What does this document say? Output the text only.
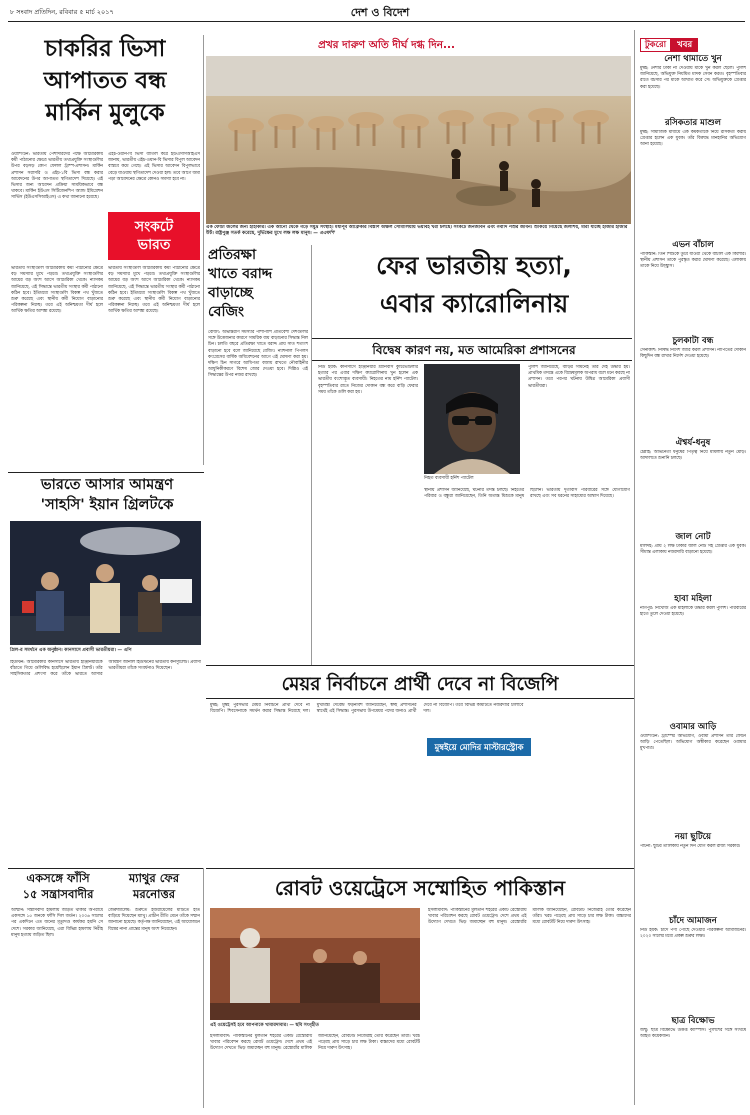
৮ সংবাদ প্রতিদিন, রবিবার ৫ মার্চ ২০১৭	দেশ ও বিদেশ
চাকরির ভিসা
আপাতত বন্ধ
মার্কিন মুলুকে
ওয়াশিংটন: ভারতীয় পেশাদারদের পক্ষে আমেরিকায় কর্মী পাঠানোর ক্ষেত্রে ভারতীয় তথ্যপ্রযুক্তি সংস্থাগুলির উপর বড়সড় কোপ ফেলল ট্রাম্প-প্রশাসন। মার্কিন প্রশাসন সরাসরি ও এইচ-১বি ভিসা বন্ধ করার আবেদনের উপর আপাতত স্থগিতাদেশ দিয়েছে। এই ভিসার জন্য আবেদন প্রক্রিয়া সাময়িকভাবে বন্ধ থাকবে। মার্কিন ইউএস সিটিজেনশিপ অ্যান্ড ইমিগ্রেশন সার্ভিস (ইউএসসিআইএস) এ কথা জানানো হয়েছে।
এইচ-ওয়ান-বি ভিসা বাতিল করে ইউএসসিআইএস জানায়, ভারতীয় এইচ-ওয়ান-বি ভিসার বিপুল আবেদন বাস্তবে কমে গেছে। এই ভিসার আবেদন বিপুলভাবে বেড়ে যাওয়ায় স্থগিতাদেশ দেওয়া হল। তবে আগে জমা পড়া আবেদনের ক্ষেত্রে কোনও সমস্যা হবে না।
সংকটে
ভারত
ভারতীয় সংস্থাগুলি আমেরিকায় কর্মী পাঠানোর ক্ষেত্রে বড় সমস্যার মুখে পড়বে। তথ্যপ্রযুক্তি সংস্থাগুলির আয়ের বড় অংশ আসে আমেরিকা থেকে। ন্যাসকম জানিয়েছে, এই সিদ্ধান্তে ভারতীয় সংস্থার কর্মী পাঠানো কঠিন হবে। ইতিমধ্যে সংস্থাগুলি বিকল্প পথ খুঁজতে শুরু করেছে এবং স্থানীয় কর্মী নিয়োগ বাড়ানোর পরিকল্পনা নিচ্ছে। তবে এই অনিশ্চয়তা দীর্ঘ হলে আর্থিক ক্ষতির আশঙ্কা রয়েছে।
ভারতীয় সংস্থাগুলি আমেরিকায় কর্মী পাঠানোর ক্ষেত্রে বড় সমস্যার মুখে পড়বে। তথ্যপ্রযুক্তি সংস্থাগুলির আয়ের বড় অংশ আসে আমেরিকা থেকে। ন্যাসকম জানিয়েছে, এই সিদ্ধান্তে ভারতীয় সংস্থার কর্মী পাঠানো কঠিন হবে। ইতিমধ্যে সংস্থাগুলি বিকল্প পথ খুঁজতে শুরু করেছে এবং স্থানীয় কর্মী নিয়োগ বাড়ানোর পরিকল্পনা নিচ্ছে। তবে এই অনিশ্চয়তা দীর্ঘ হলে আর্থিক ক্ষতির আশঙ্কা রয়েছে।
প্রখর দারুণ অতি দীর্ঘ দগ্ধ দিন...
এক ফোঁটা জলের জন্য হাহাকার। এক আনো থেকে গড়ে সমুদ্র সংস্থাই। মধ্যপূর্ব আফ্রিকার বিস্তীর্ণ অঞ্চল সোমালিয়ায় ভয়াবহ খরা চলছে। সংকটে জনজীবন এবং গবাদি পশুর জীবন। শুকিয়ে গিয়েছে জলাশয়, মারা যাচ্ছে হাজার হাজার উট। রাষ্ট্রপুঞ্জ সতর্ক করেছে, দুর্ভিক্ষের মুখে লক্ষ লক্ষ মানুষ। — এএফপি
প্রতিরক্ষা
খাতে বরাদ্দ
বাড়াচ্ছে
বেজিং
বেজিং: অভ্যন্তরীণ সমস্যার পাশাপাশি প্রতিবেশী দেশগুলির সঙ্গে উত্তেজনার কারণে সামরিক ব্যয় বাড়ানোর সিদ্ধান্ত নিল চিন। চলতি বছরে প্রতিরক্ষা খাতে বরাদ্দ প্রায় সাত শতাংশ বাড়ানো হবে বলে জানিয়েছে বেজিং। ন্যাশনাল পিপলস কংগ্রেসের বার্ষিক অধিবেশনের আগে এই ঘোষণা করা হয়। দক্ষিণ চিন সাগরে আধিপত্য বজায় রাখতে নৌবাহিনীর আধুনিকীকরণে বিশেষ জোর দেওয়া হবে। দিল্লিও এই সিদ্ধান্তের উপর নজর রাখছে।
ফের ভারতীয় হত্যা,
এবার ক্যারোলিনায়
বিদ্বেষ কারণ নয়, মত আমেরিকা প্রশাসনের
নিউ ইয়র্ক: কানসাসে ইঞ্জিনিয়ার শ্রীনিবাস কুচিভোটলার হত্যার পর এবার দক্ষিণ ক্যারোলিনায় খুন হলেন এক ভারতীয় বংশোদ্ভূত ব্যবসায়ী। নিহতের নাম হর্নিশ প্যাটেল। বৃহস্পতিবার রাতে নিজের দোকান বন্ধ করে বাড়ি ফেরার সময় তাঁকে গুলি করা হয়।
নিহত ব্যবসায়ী হর্নিশ প্যাটেল
পুলিশ জানিয়েছে, বাড়ির সামনেই তাঁর দেহ উদ্ধার হয়। প্রাথমিক তদন্তে একে বিদ্বেষমূলক অপরাধ বলে মনে করছে না প্রশাসন। তবে পরপর ঘটনায় উদ্বিগ্ন আমেরিকা প্রবাসী ভারতীয়রা।
স্থানীয় প্রশাসন জানিয়েছে, ঘটনার তদন্ত চলছে। নিহতের পরিবার ও বন্ধুরা জানিয়েছেন, তিনি অত্যন্ত মিশুকে মানুষ ছিলেন। ভারতীয় দূতাবাস পরিবারের সঙ্গে যোগাযোগ রাখছে এবং সব ধরনের সাহায্যের আশ্বাস দিয়েছে।
ভারতে আসার আমন্ত্রণ
'সাহসি' ইয়ান গ্রিলটকে
গ্রিল-র সমর্থনে এক অনুষ্ঠান। কানসাসে প্রবাসী ভারতীয়রা। — এপি
হিউস্টন: আমেরিকার কানসাসে ভারতীয় ইঞ্জিনিয়ারকে বাঁচাতে গিয়ে গুলিবিদ্ধ হয়েছিলেন ইয়ান গ্রিলট। তাঁর সাহসিকতার প্রশংসা করে তাঁকে ভারতে আসার আমন্ত্রণ জানাল হিউস্টনের ভারতীয় কনস্যুলেট। প্রবাসী ভারতীয়রা তাঁকে সংবর্ধনাও দিয়েছেন।
মেয়র নির্বাচনে প্রার্থী দেবে না বিজেপি
মুম্বই: মুম্বই পুরসভার মেয়র নির্বাচনে প্রার্থী দেবে না বিজেপি। শিবসেনাকে সমর্থন করার সিদ্ধান্ত নিয়েছে দল। মুখ্যমন্ত্রী দেবেন্দ্র ফড়নবিশ জানিয়েছেন, স্বচ্ছ প্রশাসনের স্বার্থেই এই সিদ্ধান্ত। পুরসভায় উপমেয়র পদের জন্যও প্রার্থী দেবে না বিজেপি। তবে বিভিন্ন কমিটিতে নজরদারি চালাবে দল।
মুম্বইয়ে মোদির মাস্টারস্ট্রোক
একসঙ্গে ফাঁসি
১৫ সন্ত্রাসবাদীর
আম্মান: সন্ত্রাসবাদী হামলায় জড়িত থাকার অপরাধে একসঙ্গে ১৫ জনকে ফাঁসি দিল জর্ডন। ২০০৬ সালের পর একদিনে এত জনের মৃত্যুদণ্ড কার্যকর হয়নি সে দেশে। সরকার জানিয়েছে, এরা বিভিন্ন হামলায় নিরীহ মানুষ হত্যায় জড়িত ছিল।
ম্যাথুর ফের
মরনোত্তর
জেরুজালেম: শুরুতে ইজরায়েলের মাটিতে হাত বাড়িয়ে দিয়েছেন ম্যাথু। প্রাচীন রীতি মেনে তাঁকে সম্মান জানানো হয়েছে। কর্তৃপক্ষ জানিয়েছেন, এই আয়োজনে বিশ্বের নানা প্রান্তের মানুষ অংশ নিয়েছেন।
রোবট ওয়েট্রেসে সম্মোহিত পাকিস্তান
এই ওয়েট্রেসই হবে আপনাকে খাবারদাবার। — ছবি সংগৃহীত
ইসলামাবাদ: পাকিস্তানের মুলতান শহরের একটি রেস্তোরাঁয় খাবার পরিবেশন করছে রোবট ওয়েট্রেস। দেশে প্রথম এই উদ্যোগ দেখতে ভিড় জমাচ্ছেন বহু মানুষ। রেস্তোরাঁর মালিক জানিয়েছেন, রোবটটি নিজেরাই তৈরি করেছেন তাঁরা। খরচ পড়েছে প্রায় সাড়ে চার লক্ষ টাকা। বাচ্চাদের মধ্যে রোবটটি নিয়ে দারুণ উৎসাহ।
ইসলামাবাদ: পাকিস্তানের মুলতান শহরের একটি রেস্তোরাঁয় খাবার পরিবেশন করছে রোবট ওয়েট্রেস। দেশে প্রথম এই উদ্যোগ দেখতে ভিড় জমাচ্ছেন বহু মানুষ। রেস্তোরাঁর মালিক জানিয়েছেন, রোবটটি নিজেরাই তৈরি করেছেন তাঁরা। খরচ পড়েছে প্রায় সাড়ে চার লক্ষ টাকা। বাচ্চাদের মধ্যে রোবটটি নিয়ে দারুণ উৎসাহ।
টুকরো খবর
নেশা থামাতে খুন
মুম্বই: নেশার টাকা না দেওয়ায় মাকে খুন করল ছেলে। পুলিশ জানিয়েছে, অভিযুক্ত নিয়মিত মাদক সেবন করত। বৃহস্পতিবার রাতে বচসার পর মাকে আঘাত করে সে। অভিযুক্তকে গ্রেপ্তার করা হয়েছে।
রসিকতার মাশুল
মুম্বই: সামাজিক মাধ্যমে এক কর্মকর্তাকে নিয়ে রসিকতা করায় গ্রেপ্তার হলেন এক যুবক। তাঁর বিরুদ্ধে মানহানির অভিযোগ আনা হয়েছে।
এভন বাঁচাল
পাকিস্তান: তিন শিশুকে ডুবে যাওয়া থেকে বাঁচাল এক কিশোর। স্থানীয় প্রশাসন তাকে পুরস্কৃত করার ঘোষণা করেছে। এলাকায় তাকে নিয়ে উচ্ছ্বাস।
চুলকাটা বন্ধ
সেনাকাশ: নিষিদ্ধ নির্দেশ জারি করল প্রশাসন। নাপিতের দোকান কিছুদিন বন্ধ রাখার নির্দেশ দেওয়া হয়েছে।
ঐশ্বর্য-ধনুষ
চেন্নাই: অভিনেতা ধনুষের পিতৃত্ব নিয়ে মামলায় নতুন মোড়। আদালতে শুনানি চলছে।
জাল নোট
মালদহ: প্রায় ২ লক্ষ টাকার জাল নোট সহ গ্রেপ্তার এক যুবক। সীমান্ত এলাকায় নজরদারি বাড়ানো হয়েছে।
হাবা মহিলা
নাগপুর: নিখোঁজ এক মহিলাকে উদ্ধার করল পুলিশ। পরিবারের হাতে তুলে দেওয়া হয়েছে।
ওবামার আড়ি
ওয়াশিংটন: ট্রাম্পের অভিযোগ, ওবামা প্রশাসন তাঁর ফোনে আড়ি পেতেছিল। অভিযোগ অস্বীকার করেছেন ওবামার মুখপাত্র।
নয়া ছুটিয়ে
পাটনা: ছুটির তালিকায় নতুন দিন যোগ করল রাজ্য সরকার।
চাঁদে আমাজন
নিউ ইয়র্ক: চাঁদে পণ্য পৌঁছে দেওয়ার পরিকল্পনা আমাজনের। ২০২০ সালের মধ্যে প্রকল্প শুরুর লক্ষ্য।
ছাত্র বিক্ষোভ
জম্মু: ছাত্র বিক্ষোভে উত্তপ্ত ক্যাম্পাস। পুলিশের সঙ্গে সংঘর্ষে আহত কয়েকজন।
